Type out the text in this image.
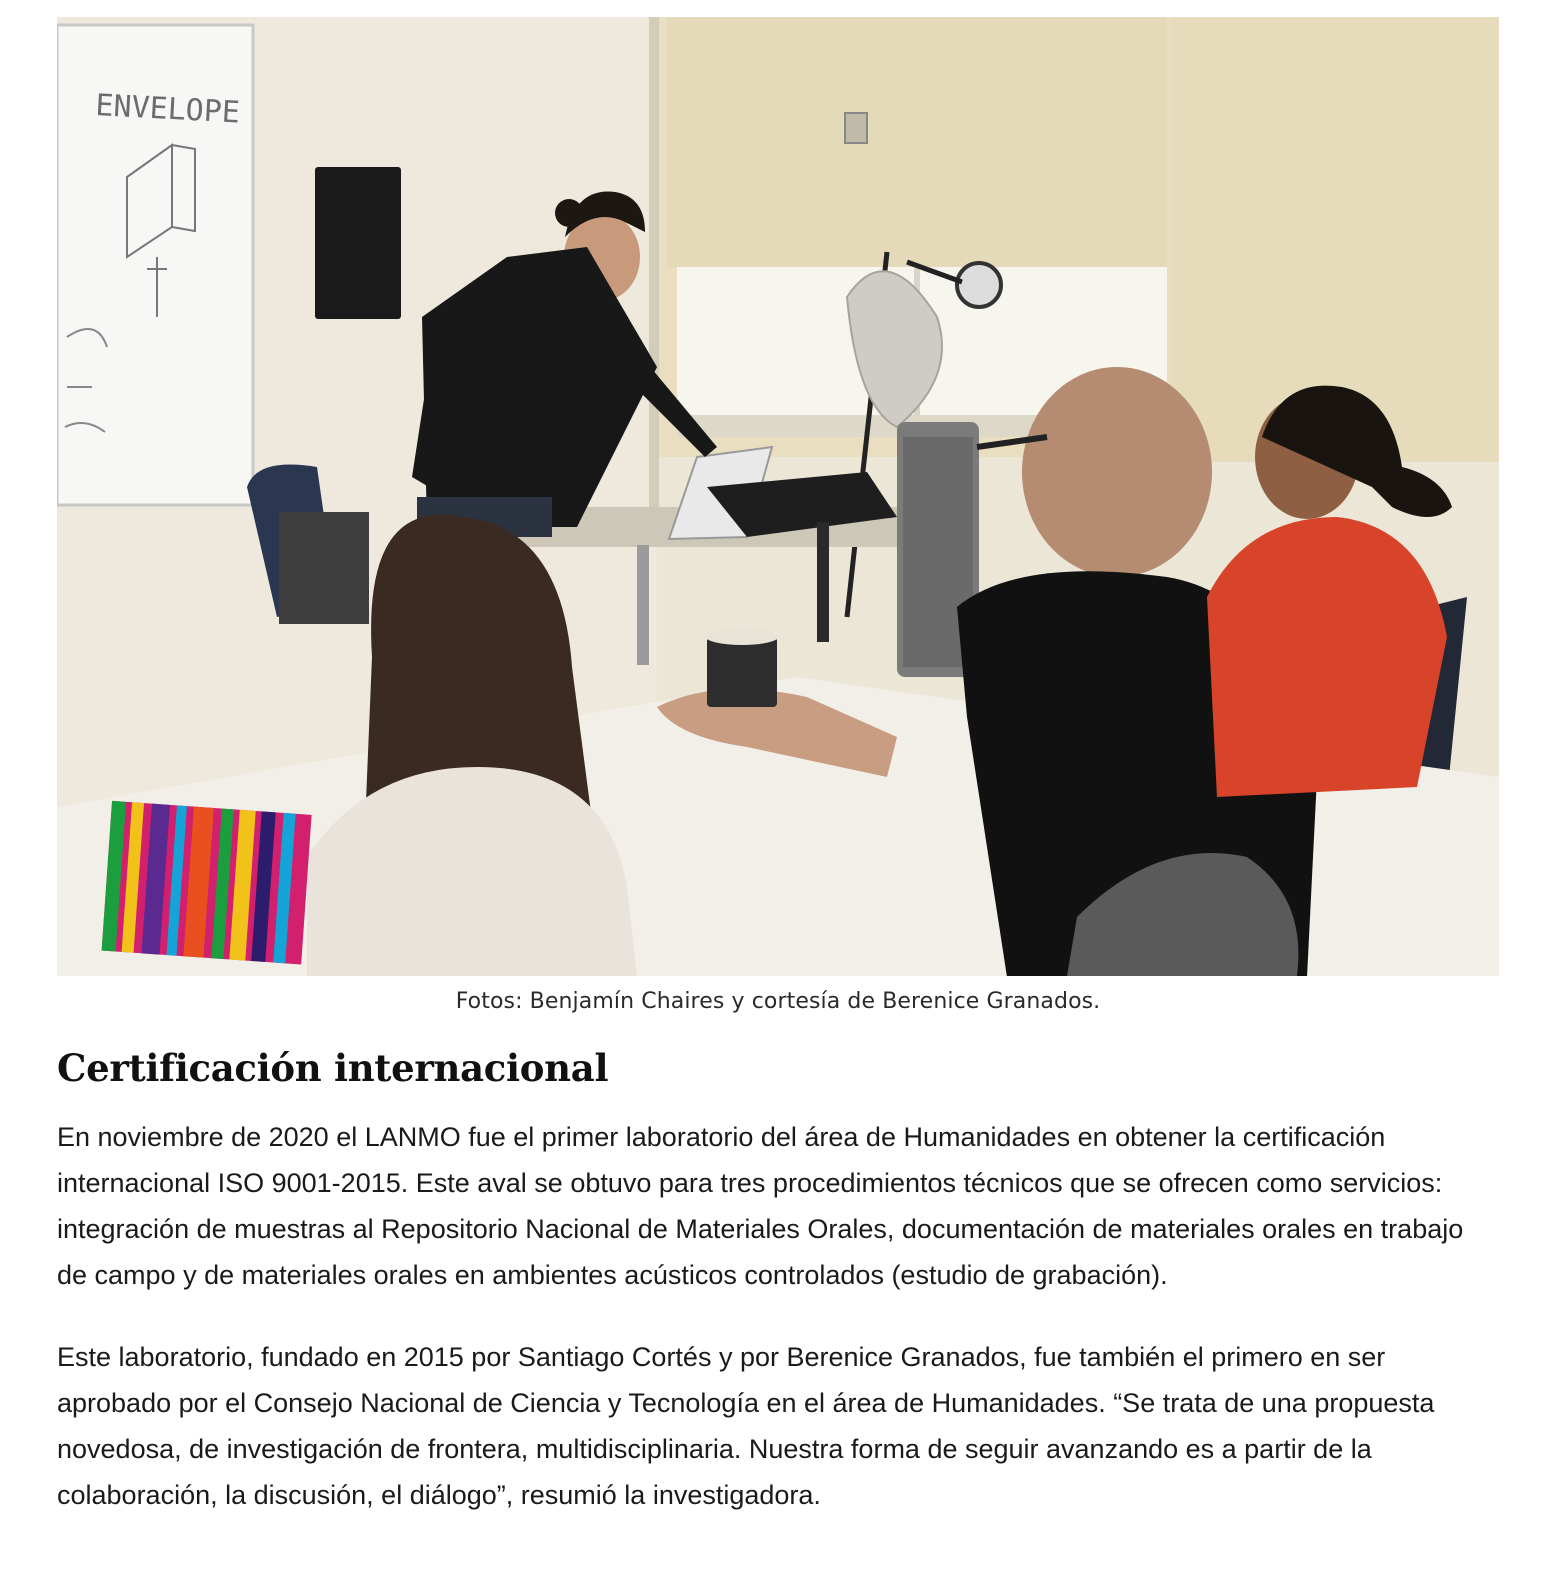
ENVELOPE
Fotos: Benjamín Chaires y cortesía de Berenice Granados.
Certificación internacional

En noviembre de 2020 el LANMO fue el primer laboratorio del área de Humanidades en obtener la certificación internacional ISO 9001-2015. Este aval se obtuvo para tres procedimientos técnicos que se ofrecen como servicios: integración de muestras al Repositorio Nacional de Materiales Orales, documentación de materiales orales en trabajo de campo y de materiales orales en ambientes acústicos controlados (estudio de grabación).

Este laboratorio, fundado en 2015 por Santiago Cortés y por Berenice Granados, fue también el primero en ser aprobado por el Consejo Nacional de Ciencia y Tecnología en el área de Humanidades. “Se trata de una propuesta novedosa, de investigación de frontera, multidisciplinaria. Nuestra forma de seguir avanzando es a partir de la colaboración, la discusión, el diálogo”, resumió la investigadora.
